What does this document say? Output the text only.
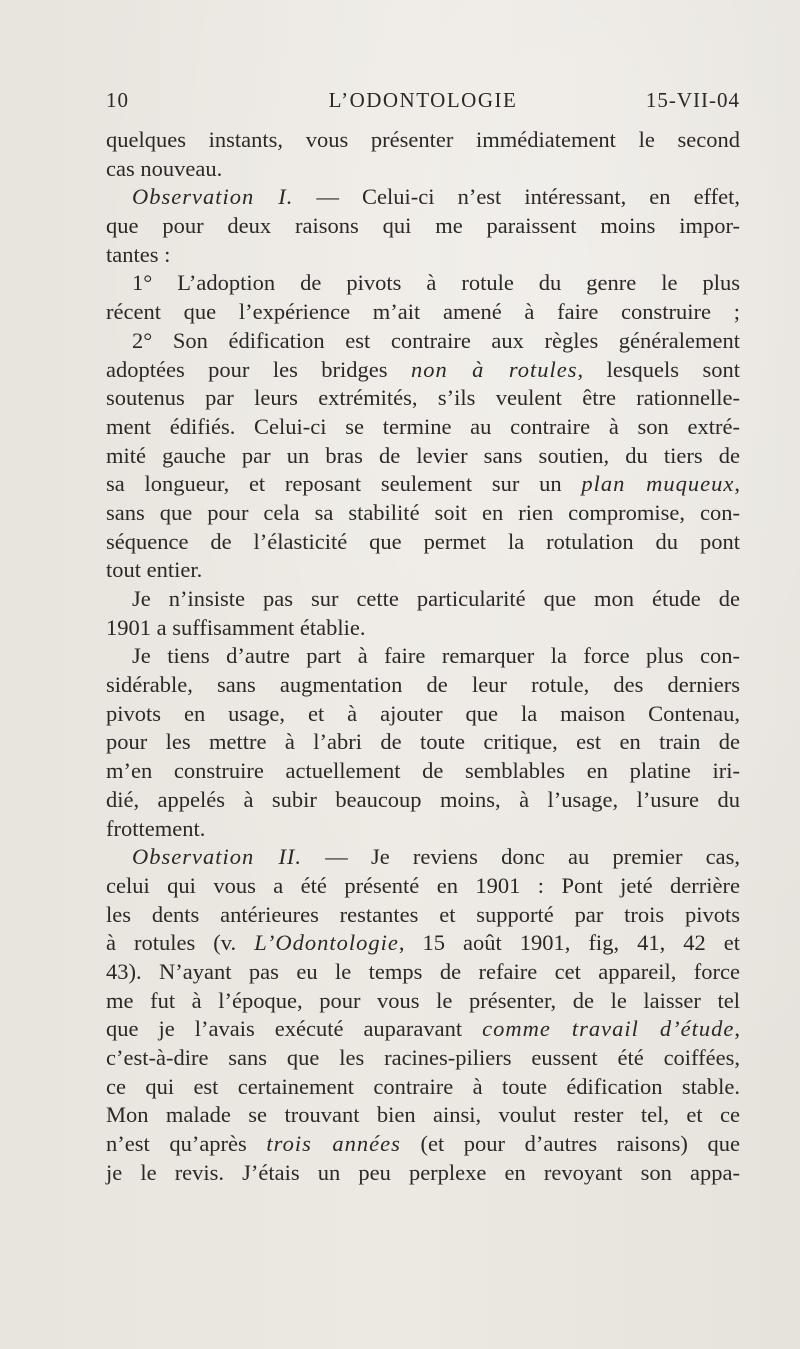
10	L’ODONTOLOGIE	15-VII-04
quelques instants, vous présenter immédiatement le second
cas nouveau.
Observation I. — Celui-ci n’est intéressant, en effet,
que pour deux raisons qui me paraissent moins impor-
tantes :
1° L’adoption de pivots à rotule du genre le plus
récent que l’expérience m’ait amené à faire construire ;
2° Son édification est contraire aux règles généralement
adoptées pour les bridges non à rotules, lesquels sont
soutenus par leurs extrémités, s’ils veulent être rationnelle-
ment édifiés. Celui-ci se termine au contraire à son extré-
mité gauche par un bras de levier sans soutien, du tiers de
sa longueur, et reposant seulement sur un plan muqueux,
sans que pour cela sa stabilité soit en rien compromise, con-
séquence de l’élasticité que permet la rotulation du pont
tout entier.
Je n’insiste pas sur cette particularité que mon étude de
1901 a suffisamment établie.
Je tiens d’autre part à faire remarquer la force plus con-
sidérable, sans augmentation de leur rotule, des derniers
pivots en usage, et à ajouter que la maison Contenau,
pour les mettre à l’abri de toute critique, est en train de
m’en construire actuellement de semblables en platine iri-
dié, appelés à subir beaucoup moins, à l’usage, l’usure du
frottement.
Observation II. — Je reviens donc au premier cas,
celui qui vous a été présenté en 1901 : Pont jeté derrière
les dents antérieures restantes et supporté par trois pivots
à rotules (v. L’Odontologie, 15 août 1901, fig, 41, 42 et
43). N’ayant pas eu le temps de refaire cet appareil, force
me fut à l’époque, pour vous le présenter, de le laisser tel
que je l’avais exécuté auparavant comme travail d’étude,
c’est-à-dire sans que les racines-piliers eussent été coiffées,
ce qui est certainement contraire à toute édification stable.
Mon malade se trouvant bien ainsi, voulut rester tel, et ce
n’est qu’après trois années (et pour d’autres raisons) que
je le revis. J’étais un peu perplexe en revoyant son appa-
